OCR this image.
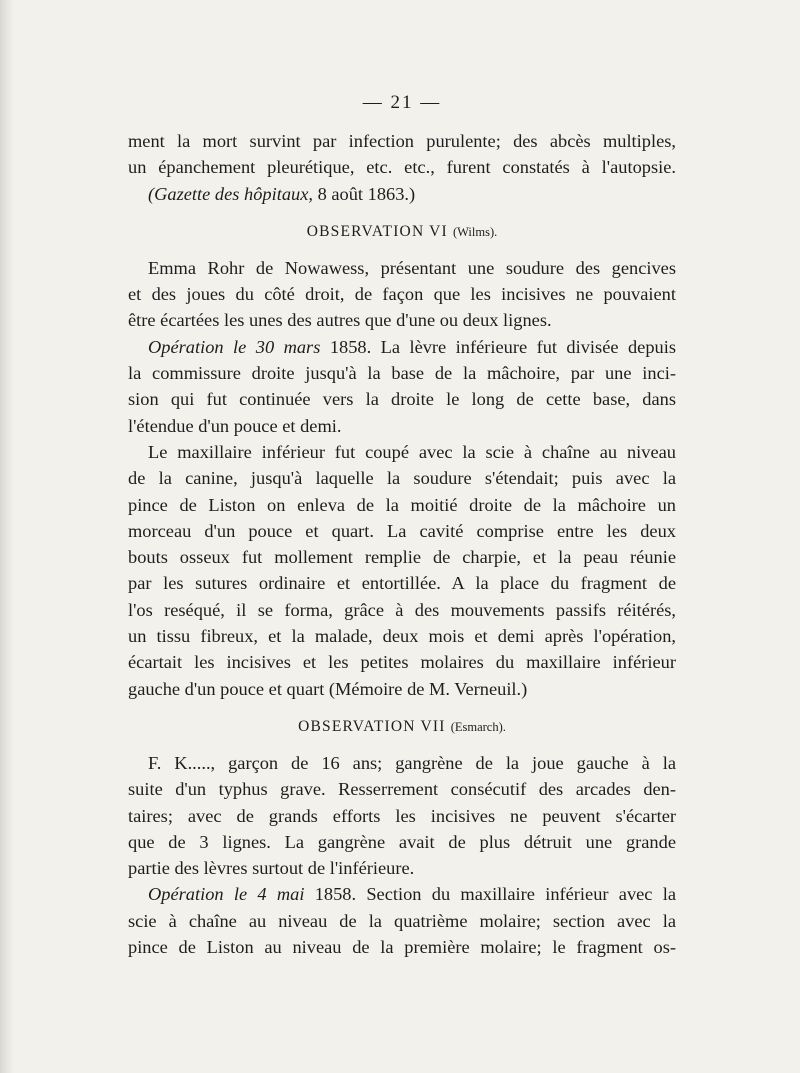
— 21 —
ment la mort survint par infection purulente; des abcès multiples,
un épanchement pleurétique, etc. etc., furent constatés à l'autopsie.
(Gazette des hôpitaux, 8 août 1863.)
OBSERVATION VI (Wilms).
Emma Rohr de Nowawess, présentant une soudure des gencives
et des joues du côté droit, de façon que les incisives ne pouvaient
être écartées les unes des autres que d'une ou deux lignes.
Opération le 30 mars 1858. La lèvre inférieure fut divisée depuis
la commissure droite jusqu'à la base de la mâchoire, par une inci-
sion qui fut continuée vers la droite le long de cette base, dans
l'étendue d'un pouce et demi.
Le maxillaire inférieur fut coupé avec la scie à chaîne au niveau
de la canine, jusqu'à laquelle la soudure s'étendait; puis avec la
pince de Liston on enleva de la moitié droite de la mâchoire un
morceau d'un pouce et quart. La cavité comprise entre les deux
bouts osseux fut mollement remplie de charpie, et la peau réunie
par les sutures ordinaire et entortillée. A la place du fragment de
l'os reséqué, il se forma, grâce à des mouvements passifs réitérés,
un tissu fibreux, et la malade, deux mois et demi après l'opération,
écartait les incisives et les petites molaires du maxillaire inférieur
gauche d'un pouce et quart (Mémoire de M. Verneuil.)
OBSERVATION VII (Esmarch).
F. K....., garçon de 16 ans; gangrène de la joue gauche à la
suite d'un typhus grave. Resserrement consécutif des arcades den-
taires; avec de grands efforts les incisives ne peuvent s'écarter
que de 3 lignes. La gangrène avait de plus détruit une grande
partie des lèvres surtout de l'inférieure.
Opération le 4 mai 1858. Section du maxillaire inférieur avec la
scie à chaîne au niveau de la quatrième molaire; section avec la
pince de Liston au niveau de la première molaire; le fragment os-
